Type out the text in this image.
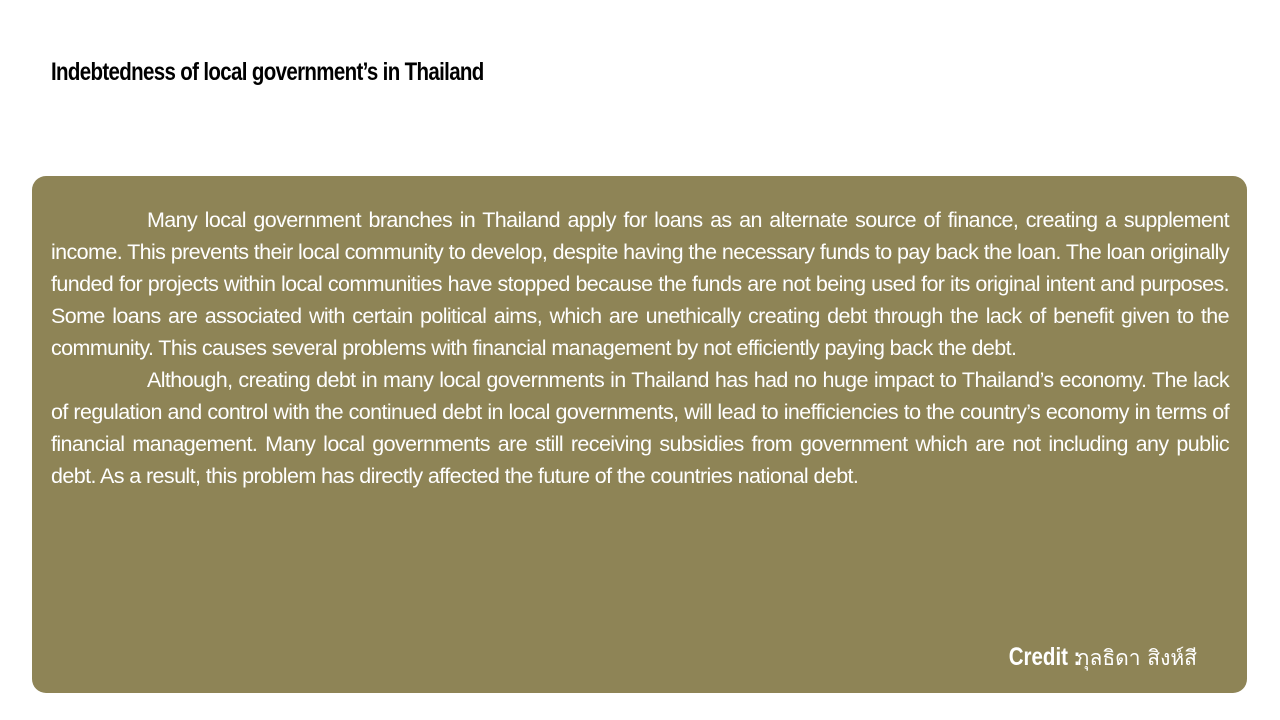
Indebtedness of local government’s in Thailand

Many local government branches in Thailand apply for loans as an alternate source of finance, creating a supplement income. This prevents their local community to develop, despite having the necessary funds to pay back the loan. The loan originally funded for projects within local communities have stopped because the funds are not being used for its original intent and purposes. Some loans are associated with certain political aims, which are unethically creating debt through the lack of benefit given to the community. This causes several problems with financial management by not efficiently paying back the debt.

Although, creating debt in many local governments in Thailand has had no huge impact to Thailand’s economy. The lack of regulation and control with the continued debt in local governments, will lead to inefficiencies to the country’s economy in terms of financial management. Many local governments are still receiving subsidies from government which are not including any public debt. As a result, this problem has directly affected the future of the countries national debt.

Credit : กุลธิดา สิงห์สี
